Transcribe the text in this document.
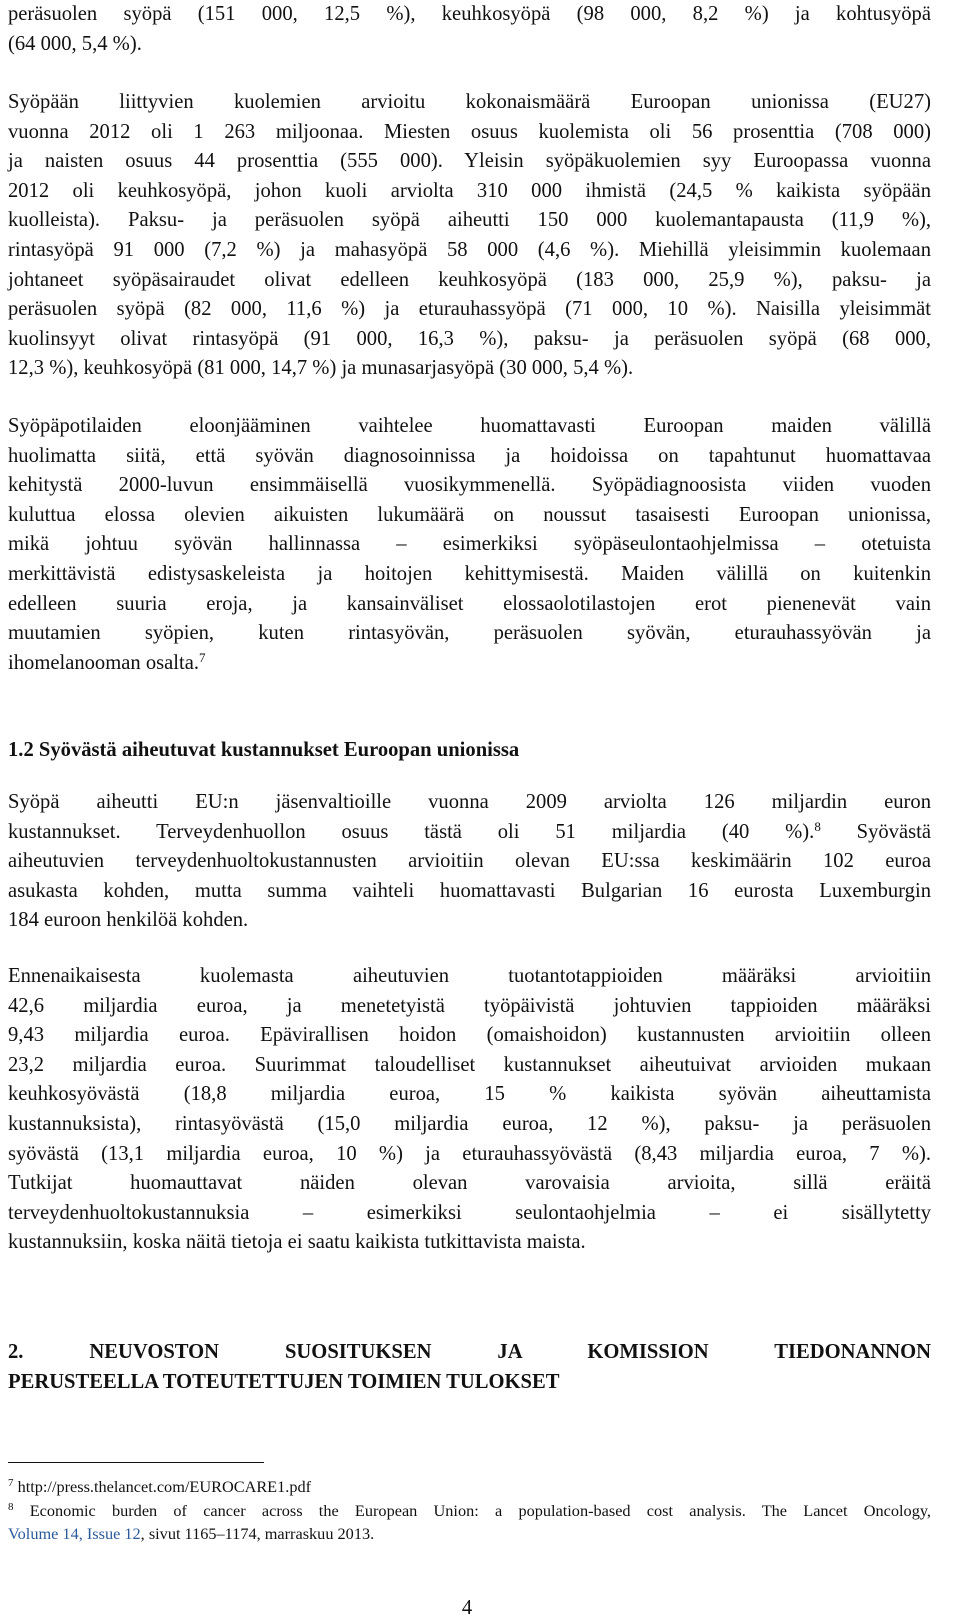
peräsuolen syöpä (151 000, 12,5 %), keuhkosyöpä (98 000, 8,2 %) ja kohtusyöpä
(64 000, 5,4 %).
Syöpään liittyvien kuolemien arvioitu kokonaismäärä Euroopan unionissa (EU27)
vuonna 2012 oli 1 263 miljoonaa. Miesten osuus kuolemista oli 56 prosenttia (708 000)
ja naisten osuus 44 prosenttia (555 000). Yleisin syöpäkuolemien syy Euroopassa vuonna
2012 oli keuhkosyöpä, johon kuoli arviolta 310 000 ihmistä (24,5 % kaikista syöpään
kuolleista). Paksu- ja peräsuolen syöpä aiheutti 150 000 kuolemantapausta (11,9 %),
rintasyöpä 91 000 (7,2 %) ja mahasyöpä 58 000 (4,6 %). Miehillä yleisimmin kuolemaan
johtaneet syöpäsairaudet olivat edelleen keuhkosyöpä (183 000, 25,9 %), paksu- ja
peräsuolen syöpä (82 000, 11,6 %) ja eturauhassyöpä (71 000, 10 %). Naisilla yleisimmät
kuolinsyyt olivat rintasyöpä (91 000, 16,3 %), paksu- ja peräsuolen syöpä (68 000,
12,3 %), keuhkosyöpä (81 000, 14,7 %) ja munasarjasyöpä (30 000, 5,4 %).
Syöpäpotilaiden eloonjääminen vaihtelee huomattavasti Euroopan maiden välillä
huolimatta siitä, että syövän diagnosoinnissa ja hoidoissa on tapahtunut huomattavaa
kehitystä 2000-luvun ensimmäisellä vuosikymmenellä. Syöpädiagnoosista viiden vuoden
kuluttua elossa olevien aikuisten lukumäärä on noussut tasaisesti Euroopan unionissa,
mikä johtuu syövän hallinnassa – esimerkiksi syöpäseulontaohjelmissa – otetuista
merkittävistä edistysaskeleista ja hoitojen kehittymisestä. Maiden välillä on kuitenkin
edelleen suuria eroja, ja kansainväliset elossaolotilastojen erot pienenevät vain
muutamien syöpien, kuten rintasyövän, peräsuolen syövän, eturauhassyövän ja
ihomelanooman osalta.$^7$
1.2 Syövästä aiheutuvat kustannukset Euroopan unionissa
Syöpä aiheutti EU:n jäsenvaltioille vuonna 2009 arviolta 126 miljardin euron
kustannukset. Terveydenhuollon osuus tästä oli 51 miljardia (40 %).$^8$ Syövästä
aiheutuvien terveydenhuoltokustannusten arvioitiin olevan EU:ssa keskimäärin 102 euroa
asukasta kohden, mutta summa vaihteli huomattavasti Bulgarian 16 eurosta Luxemburgin
184 euroon henkilöä kohden.
Ennenaikaisesta kuolemasta aiheutuvien tuotantotappioiden määräksi arvioitiin
42,6 miljardia euroa, ja menetetyistä työpäivistä johtuvien tappioiden määräksi
9,43 miljardia euroa. Epävirallisen hoidon (omaishoidon) kustannusten arvioitiin olleen
23,2 miljardia euroa. Suurimmat taloudelliset kustannukset aiheutuivat arvioiden mukaan
keuhkosyövästä (18,8 miljardia euroa, 15 % kaikista syövän aiheuttamista
kustannuksista), rintasyövästä (15,0 miljardia euroa, 12 %), paksu- ja peräsuolen
syövästä (13,1 miljardia euroa, 10 %) ja eturauhassyövästä (8,43 miljardia euroa, 7 %).
Tutkijat huomauttavat näiden olevan varovaisia arvioita, sillä eräitä
terveydenhuoltokustannuksia – esimerkiksi seulontaohjelmia – ei sisällytetty
kustannuksiin, koska näitä tietoja ei saatu kaikista tutkittavista maista.
2. NEUVOSTON SUOSITUKSEN JA KOMISSION TIEDONANNON
PERUSTEELLA TOTEUTETTUJEN TOIMIEN TULOKSET
$^7$ http://press.thelancet.com/EUROCARE1.pdf
$^8$ Economic burden of cancer across the European Union: a population-based cost analysis. The Lancet Oncology,
Volume 14, Issue 12, sivut 1165–1174, marraskuu 2013.
4
